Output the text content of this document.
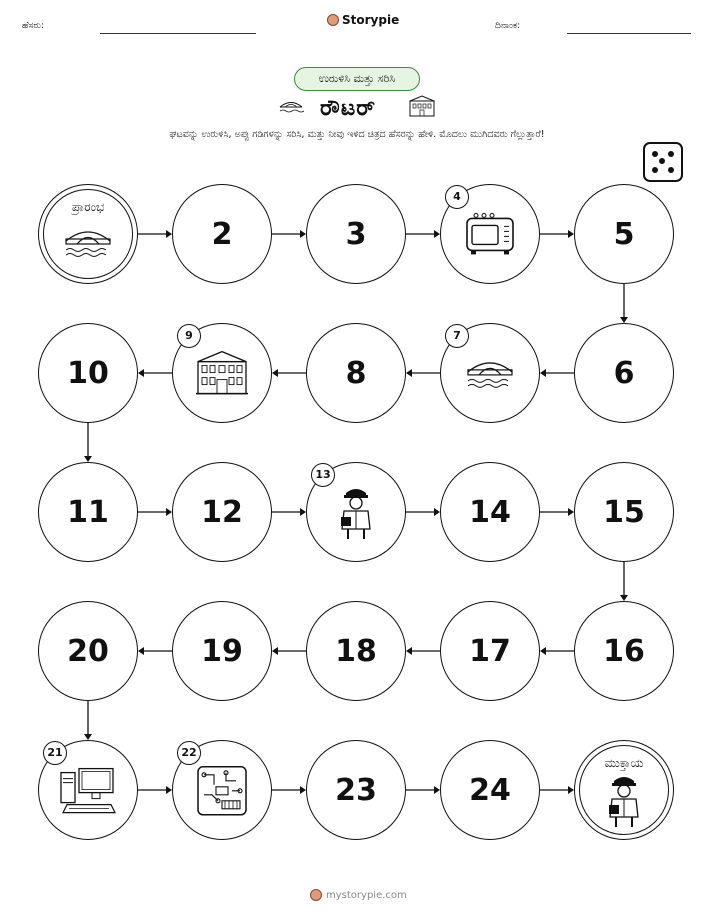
ಹೆಸರು:	Storypie	ದಿನಾಂಕ:
ಉರುಳಿಸಿ ಮತ್ತು ಸರಿಸಿ
ರೌಟರ್
ಘಟವನ್ನು ಉರುಳಿಸಿ, ಅಪ್ಪು ಗಡಿಗಳನ್ನು ಸರಿಸಿ, ಮತ್ತು ನೀವು ಇಳಿದ ಚಿತ್ರದ ಹೆಸರನ್ನು ಹೇಳಿ. ಮೊದಲು ಮುಗಿದವರು ಗೆಲ್ಲುತ್ತಾರೆ!
ಪ್ರಾರಂಭ
2	3
4
5
6
7
8
9
10
11	12
13
14	15
16
17
18
19
20
21	22
23	24
ಮುಕ್ತಾಯ
mystorypie.com
